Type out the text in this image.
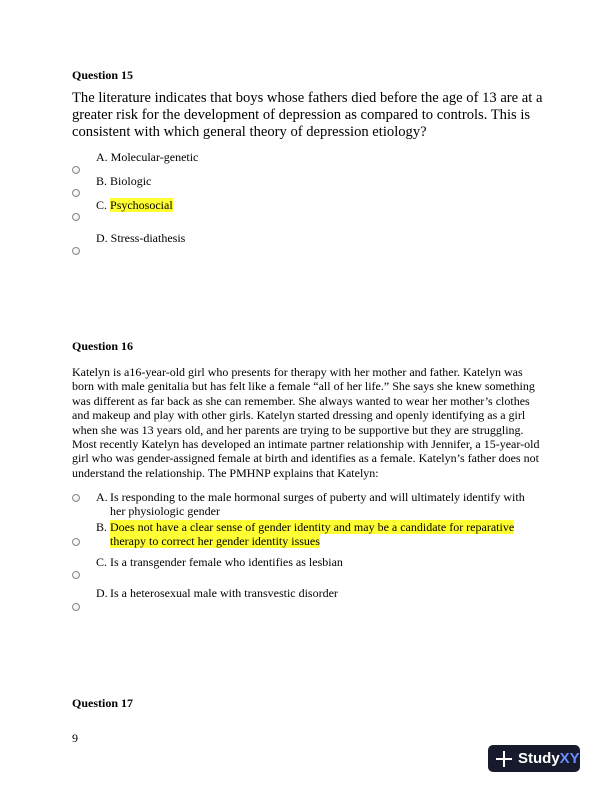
Question 15
The literature indicates that boys whose fathers died before the age of 13 are at a greater risk for the development of depression as compared to controls. This is consistent with which general theory of depression etiology?
A. Molecular-genetic
B. Biologic
C. Psychosocial
D. Stress-diathesis
Question 16
Katelyn is a16-year-old girl who presents for therapy with her mother and father. Katelyn was born with male genitalia but has felt like a female “all of her life.” She says she knew something was different as far back as she can remember. She always wanted to wear her mother’s clothes and makeup and play with other girls. Katelyn started dressing and openly identifying as a girl when she was 13 years old, and her parents are trying to be supportive but they are struggling. Most recently Katelyn has developed an intimate partner relationship with Jennifer, a 15-year-old girl who was gender-assigned female at birth and identifies as a female. Katelyn’s father does not understand the relationship. The PMHNP explains that Katelyn:
A. Is responding to the male hormonal surges of puberty and will ultimately identify with
her physiologic gender
B. Does not have a clear sense of gender identity and may be a candidate for reparative
therapy to correct her gender identity issues
C. Is a transgender female who identifies as lesbian
D. Is a heterosexual male with transvestic disorder
Question 17
9
Study XY
